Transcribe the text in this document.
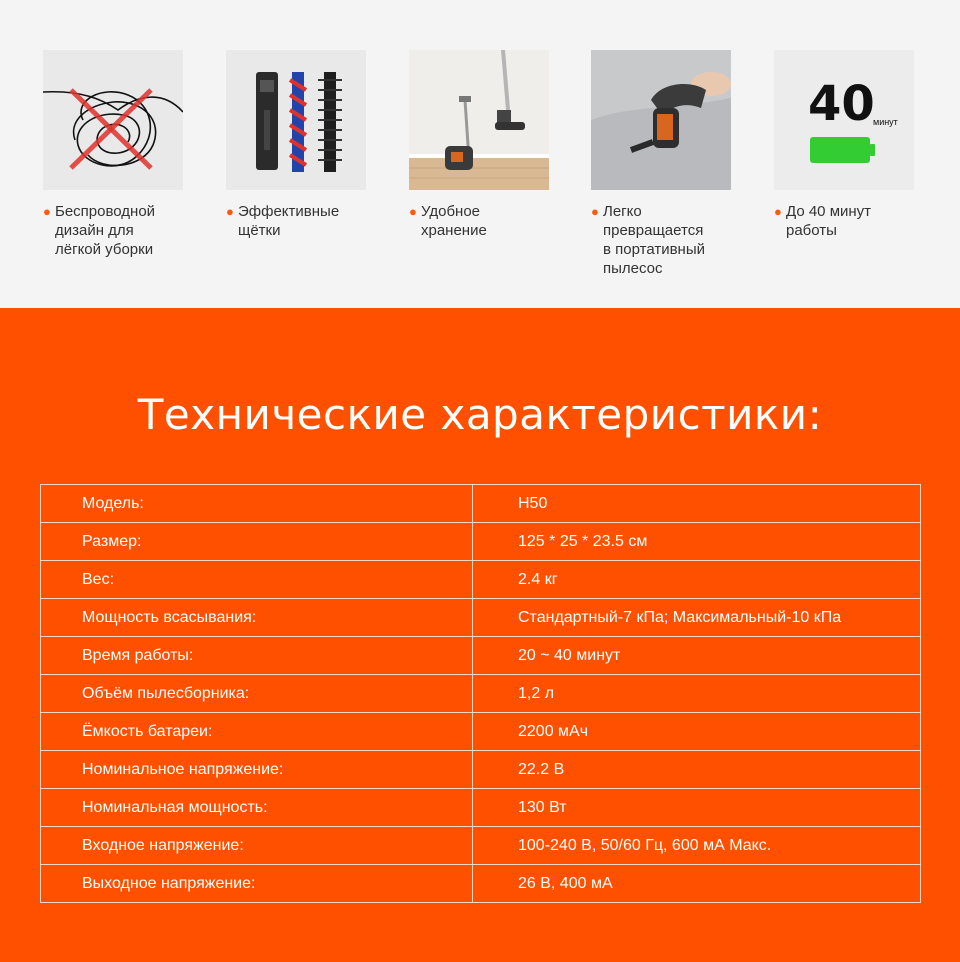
● Беспроводной
дизайн для
лёгкой уборки
● Эффективные
щётки
● Удобное хранение
● Легко превращается
в портативный
пылесос
40
минут
● До 40 минут
работы
Технические характеристики:
Модель:	H50
Размер:	125 * 25 * 23.5 см
Вес:	2.4 кг
Мощность всасывания:	Стандартный-7 кПа; Максимальный-10 кПа
Время работы:	20 ~ 40 минут
Объём пылесборника:	1,2 л
Ёмкость батареи:	2200 мАч
Номинальное напряжение:	22.2 В
Номинальная мощность:	130 Вт
Входное напряжение:	100-240 В, 50/60 Гц, 600 мА Макс.
Выходное напряжение:	26 В, 400 мА
